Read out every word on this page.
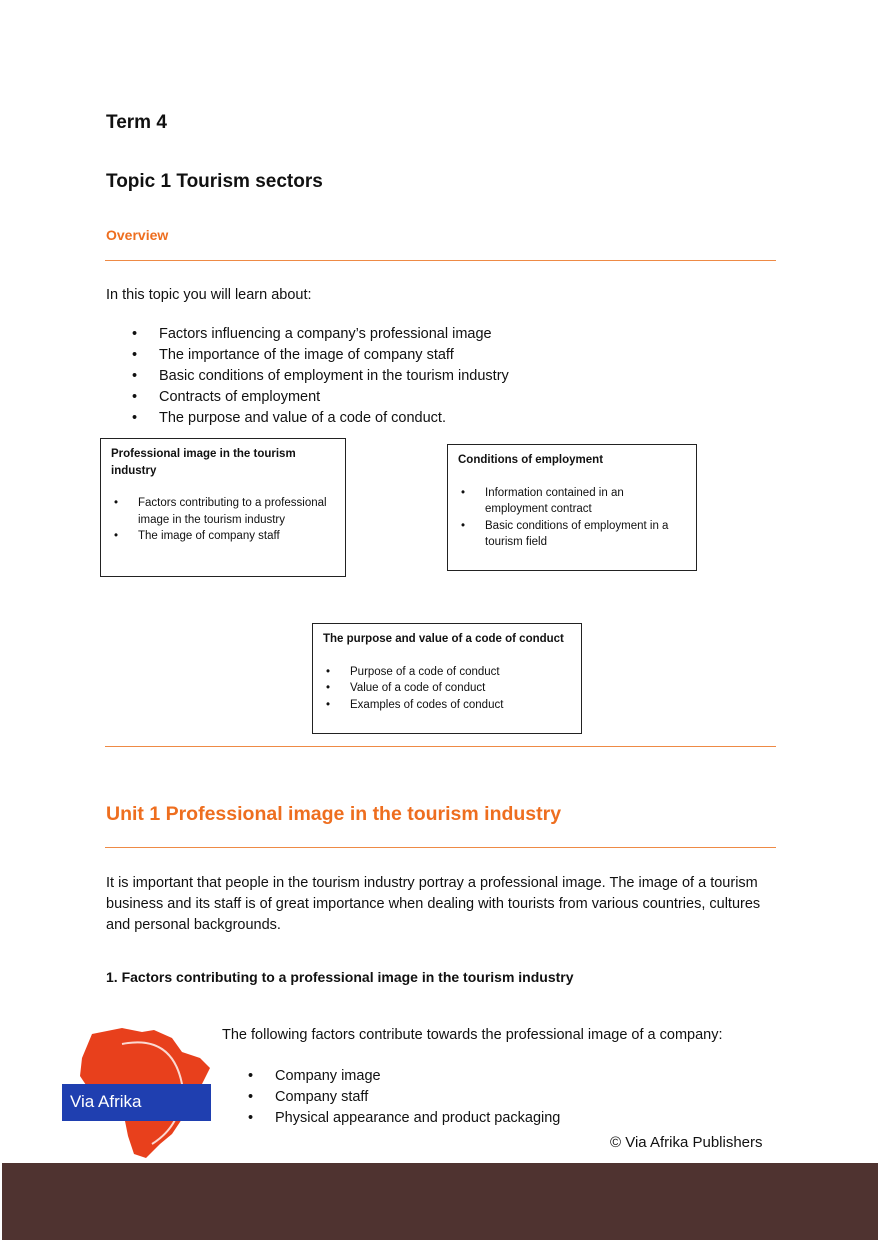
Term 4
Topic 1 Tourism sectors
Overview
In this topic you will learn about:
• Factors influencing a company’s professional image
• The importance of the image of company staff
• Basic conditions of employment in the tourism industry
• Contracts of employment
• The purpose and value of a code of conduct.
Professional image in the tourism industry
• Factors contributing to a professional image in the tourism industry
• The image of company staff
Conditions of employment
• Information contained in an employment contract
• Basic conditions of employment in a tourism field
The purpose and value of a code of conduct
• Purpose of a code of conduct
• Value of a code of conduct
• Examples of codes of conduct
Unit 1 Professional image in the tourism industry
It is important that people in the tourism industry portray a professional image. The image of a tourism business and its staff is of great importance when dealing with tourists from various countries, cultures and personal backgrounds.
1. Factors contributing to a professional image in the tourism industry
Via Afrika
The following factors contribute towards the professional image of a company:
• Company image
• Company staff
• Physical appearance and product packaging
© Via Afrika Publishers
